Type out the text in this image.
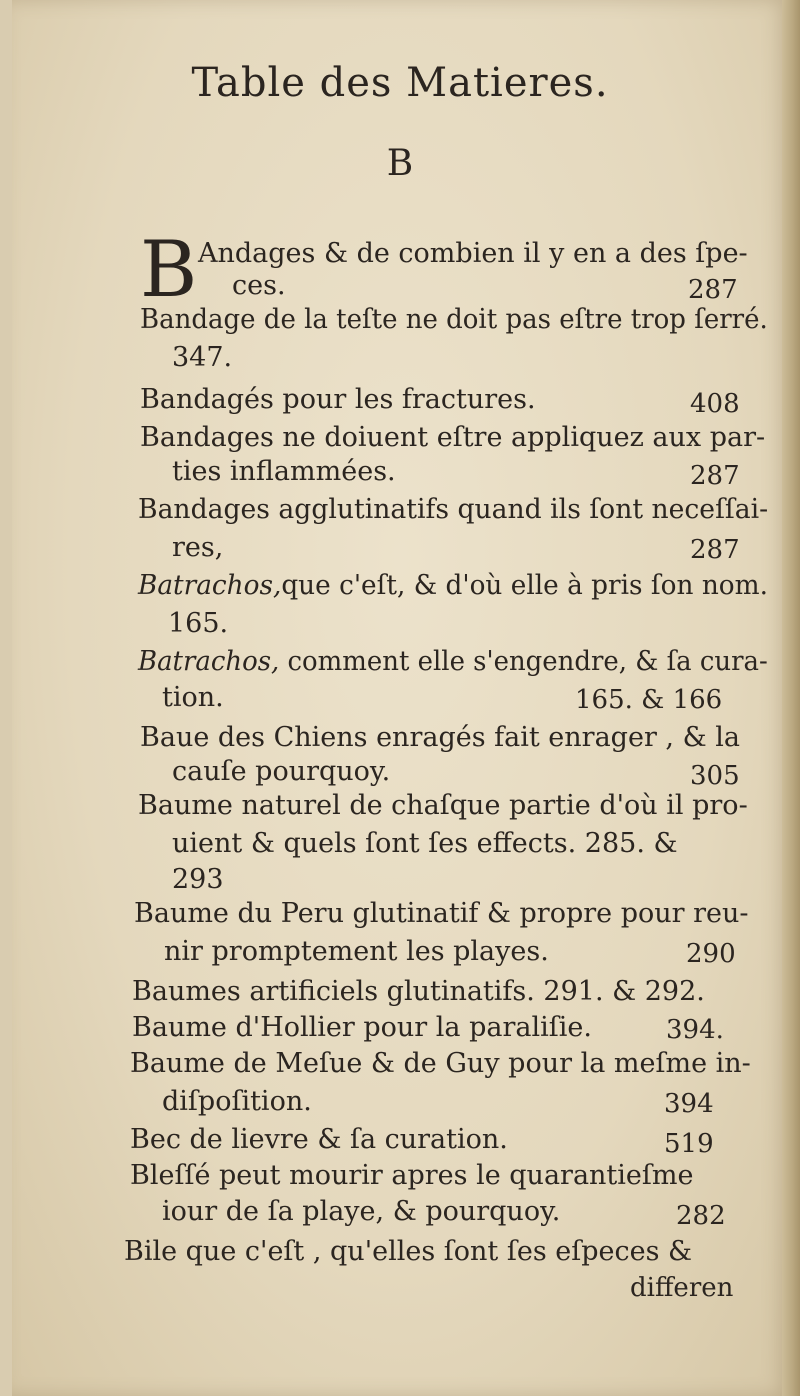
Table des Matieres.
B
B Andages & de combien il y en a des ſpe-
ces.	287
Bandage de la teſte ne doit pas eſtre trop ſerré.
347.
Bandagés pour les fractures.	408
Bandages ne doiuent eſtre appliquez aux par-
ties inflammées.	287
Bandages agglutinatifs quand ils ſont neceſſai-
res,	287
Batrachos,que c'eſt, & d'où elle à pris ſon nom.
165.
Batrachos, comment elle s'engendre, & ſa cura-
tion.	165. & 166
Baue des Chiens enragés fait enrager , & la
cauſe pourquoy.	305
Baume naturel de chaſque partie d'où il pro-
uient & quels ſont ſes effects. 285. &
293
Baume du Peru glutinatif & propre pour reu-
nir promptement les playes.	290
Baumes artificiels glutinatifs. 291. & 292.
Baume d'Hollier pour la paraliſie.	394.
Baume de Meſue & de Guy pour la meſme in-
diſpoſition.	394
Bec de lievre & ſa curation.	519
Bleſſé peut mourir apres le quarantieſme
iour de ſa playe, & pourquoy.	282
Bile que c'eſt , qu'elles ſont ſes eſpeces &
differen
